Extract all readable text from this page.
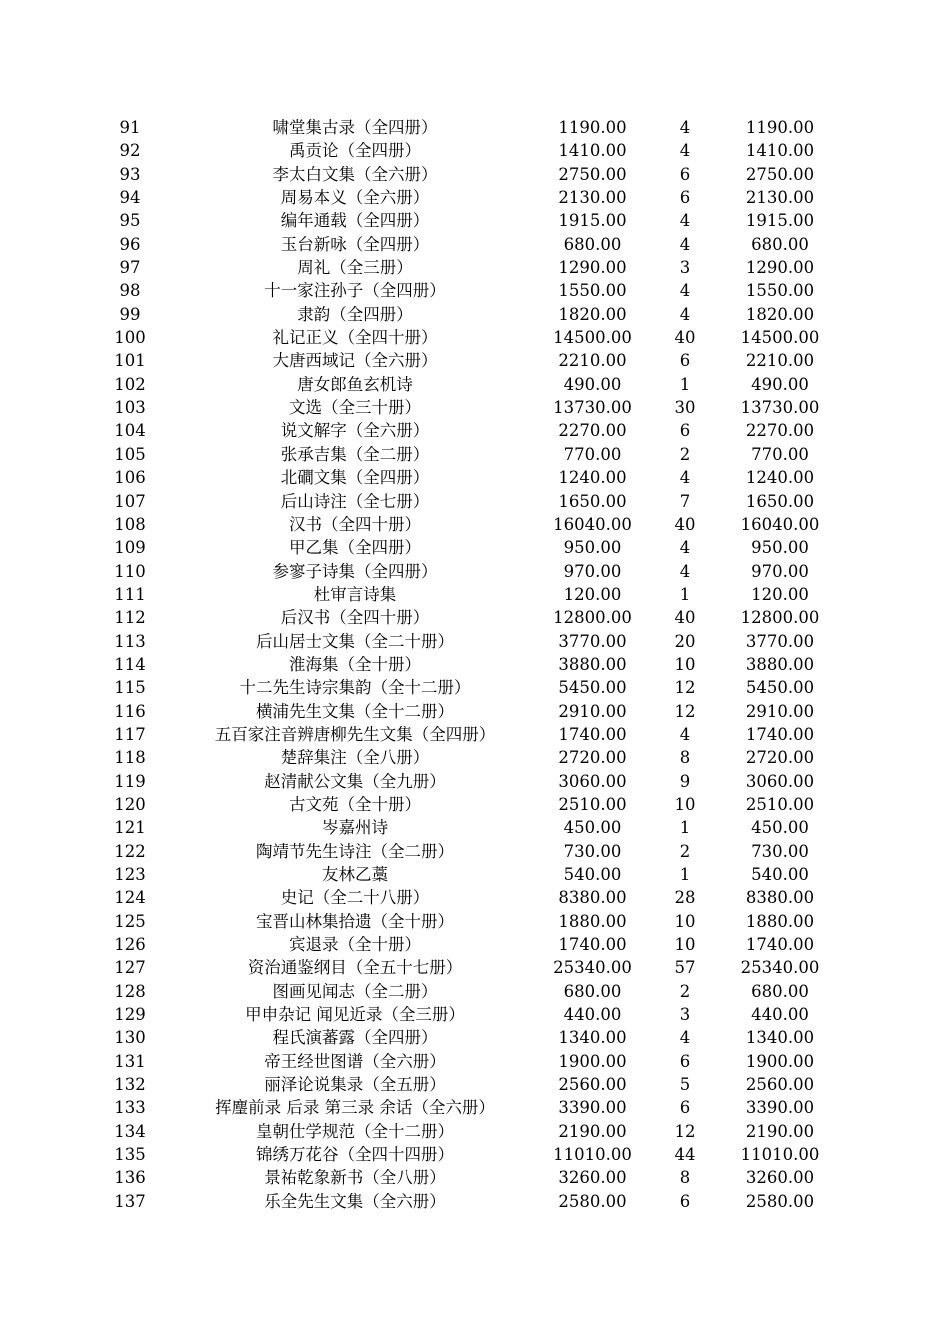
91	啸堂集古录（全四册）	1190.00	4	1190.00
92	禹贡论（全四册）	1410.00	4	1410.00
93	李太白文集（全六册）	2750.00	6	2750.00
94	周易本义（全六册）	2130.00	6	2130.00
95	编年通载（全四册）	1915.00	4	1915.00
96	玉台新咏（全四册）	680.00	4	680.00
97	周礼（全三册）	1290.00	3	1290.00
98	十一家注孙子（全四册）	1550.00	4	1550.00
99	隶韵（全四册）	1820.00	4	1820.00
100	礼记正义（全四十册）	14500.00	40	14500.00
101	大唐西域记（全六册）	2210.00	6	2210.00
102	唐女郎鱼玄机诗	490.00	1	490.00
103	文选（全三十册）	13730.00	30	13730.00
104	说文解字（全六册）	2270.00	6	2270.00
105	张承吉集（全二册）	770.00	2	770.00
106	北磵文集（全四册）	1240.00	4	1240.00
107	后山诗注（全七册）	1650.00	7	1650.00
108	汉书（全四十册）	16040.00	40	16040.00
109	甲乙集（全四册）	950.00	4	950.00
110	参寥子诗集（全四册）	970.00	4	970.00
111	杜审言诗集	120.00	1	120.00
112	后汉书（全四十册）	12800.00	40	12800.00
113	后山居士文集（全二十册）	3770.00	20	3770.00
114	淮海集（全十册）	3880.00	10	3880.00
115	十二先生诗宗集韵（全十二册）	5450.00	12	5450.00
116	横浦先生文集（全十二册）	2910.00	12	2910.00
117	五百家注音辨唐柳先生文集（全四册）	1740.00	4	1740.00
118	楚辞集注（全八册）	2720.00	8	2720.00
119	赵清献公文集（全九册）	3060.00	9	3060.00
120	古文苑（全十册）	2510.00	10	2510.00
121	岑嘉州诗	450.00	1	450.00
122	陶靖节先生诗注（全二册）	730.00	2	730.00
123	友林乙藁	540.00	1	540.00
124	史记（全二十八册）	8380.00	28	8380.00
125	宝晋山林集拾遗（全十册）	1880.00	10	1880.00
126	宾退录（全十册）	1740.00	10	1740.00
127	资治通鉴纲目（全五十七册）	25340.00	57	25340.00
128	图画见闻志（全二册）	680.00	2	680.00
129	甲申杂记 闻见近录（全三册）	440.00	3	440.00
130	程氏演蕃露（全四册）	1340.00	4	1340.00
131	帝王经世图谱（全六册）	1900.00	6	1900.00
132	丽泽论说集录（全五册）	2560.00	5	2560.00
133	挥麈前录 后录 第三录 余话（全六册）	3390.00	6	3390.00
134	皇朝仕学规范（全十二册）	2190.00	12	2190.00
135	锦绣万花谷（全四十四册）	11010.00	44	11010.00
136	景祐乾象新书（全八册）	3260.00	8	3260.00
137	乐全先生文集（全六册）	2580.00	6	2580.00
